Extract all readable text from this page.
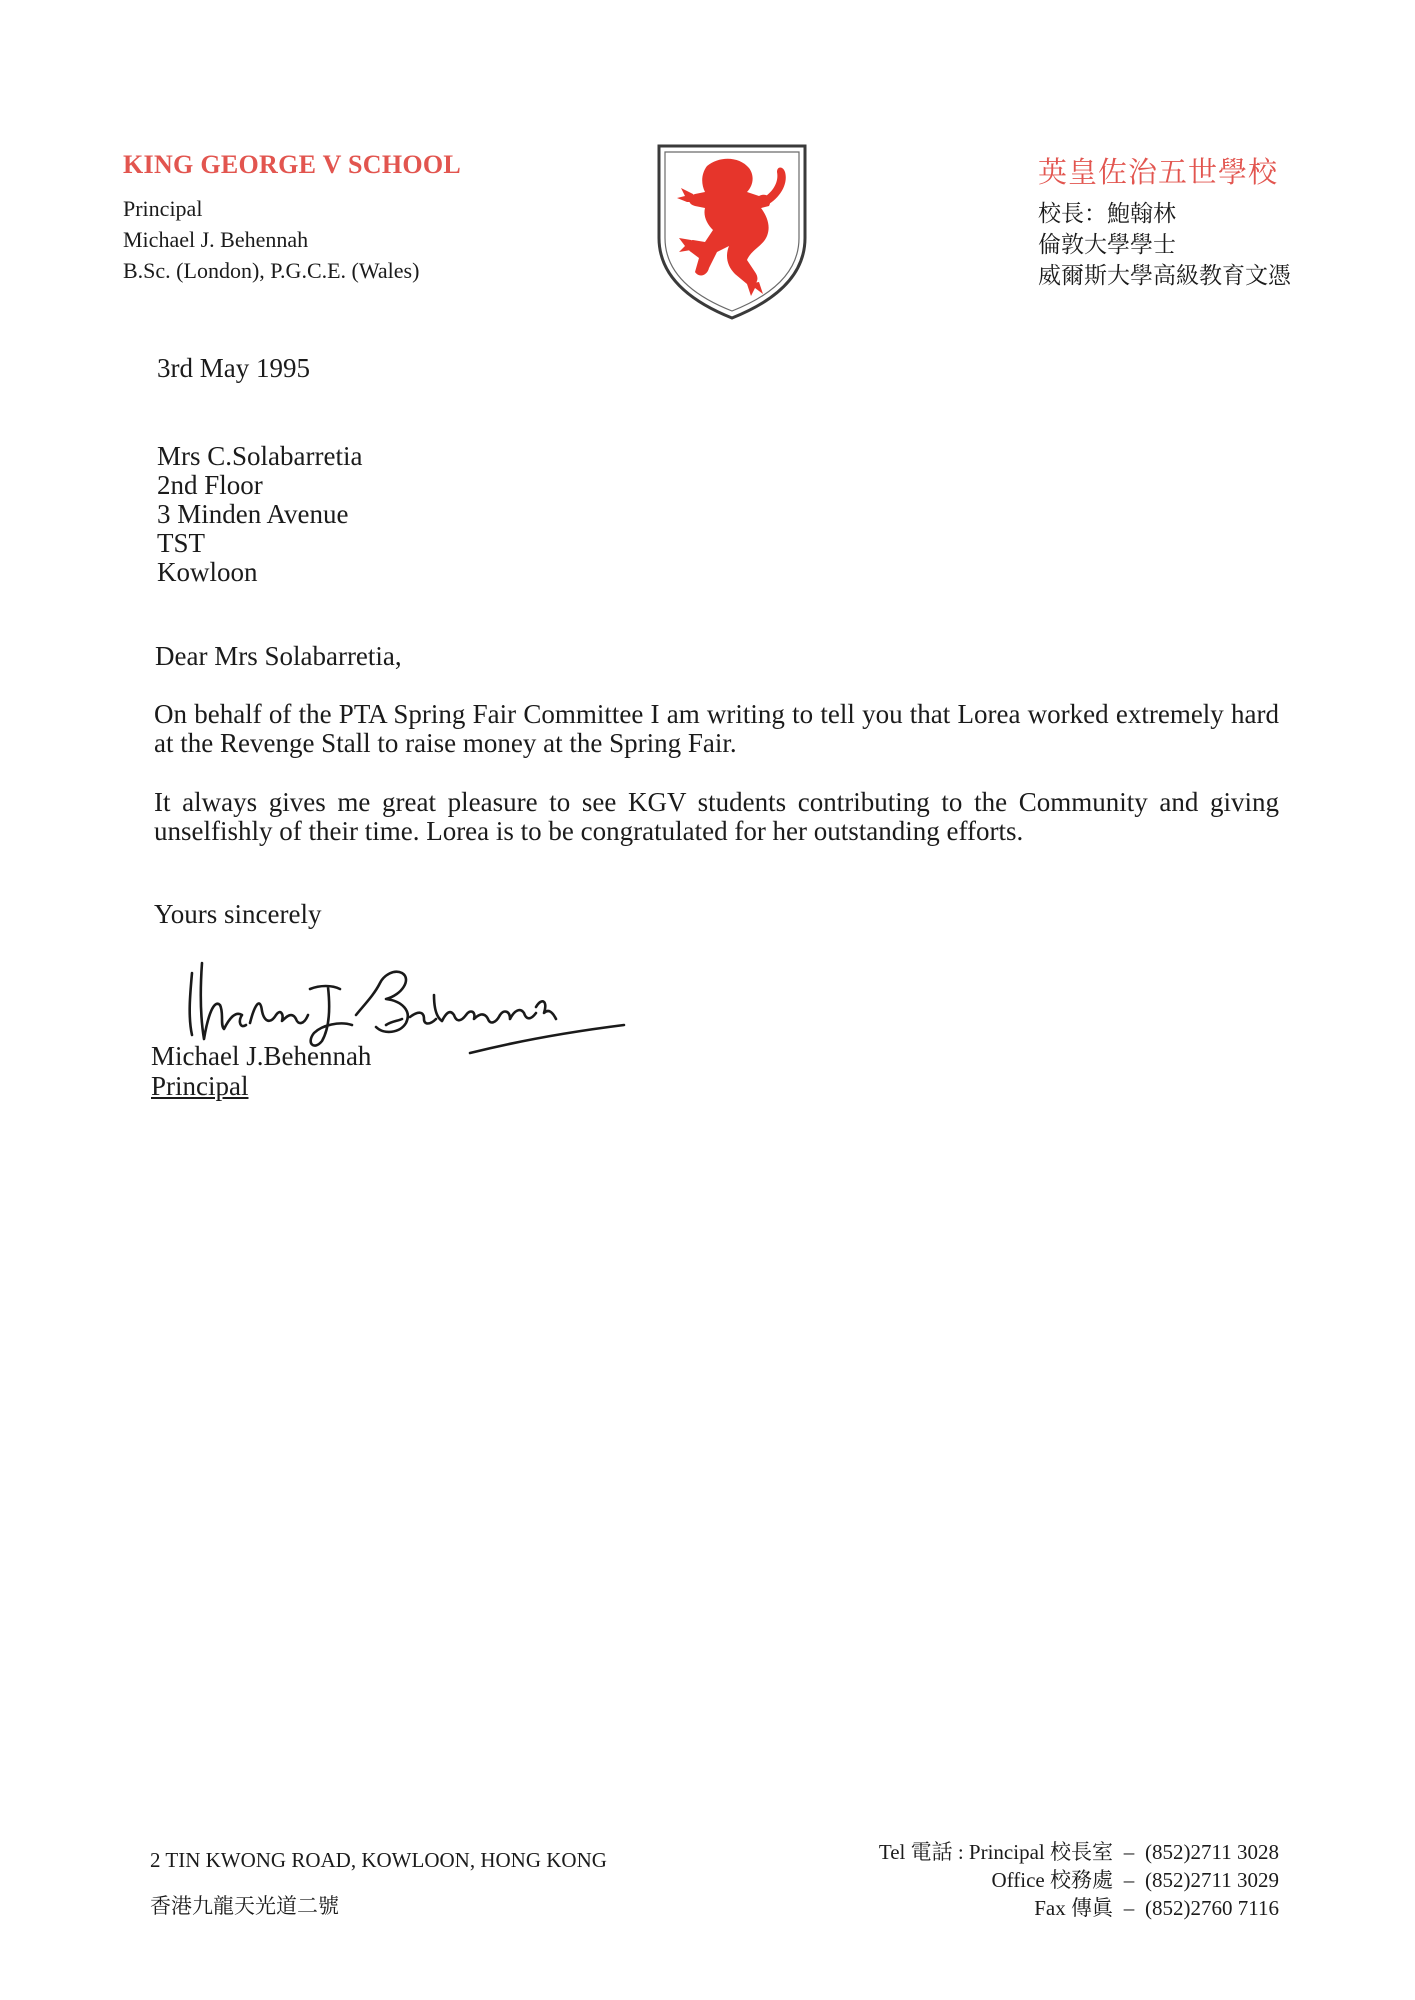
KING GEORGE V SCHOOL
Principal
Michael J. Behennah
B.Sc. (London), P.G.C.E. (Wales)
英皇佐治五世學校
校長：鮑翰林
倫敦大學學士
威爾斯大學高級教育文憑
3rd May 1995
Mrs C.Solabarretia
2nd Floor
3 Minden Avenue
TST
Kowloon
Dear Mrs Solabarretia,
On behalf of the PTA Spring Fair Committee I am writing to tell you that Lorea worked extremely hard at the Revenge Stall to raise money at the Spring Fair.
It always gives me great pleasure to see KGV students contributing to the Community and giving unselfishly of their time. Lorea is to be congratulated for her outstanding efforts.
Yours sincerely
Michael J.Behennah
Principal
2 TIN KWONG ROAD, KOWLOON, HONG KONG
香港九龍天光道二號
Tel 電話 : Principal 校長室 – (852)2711 3028
Office 校務處 – (852)2711 3029
Fax 傳眞 – (852)2760 7116
